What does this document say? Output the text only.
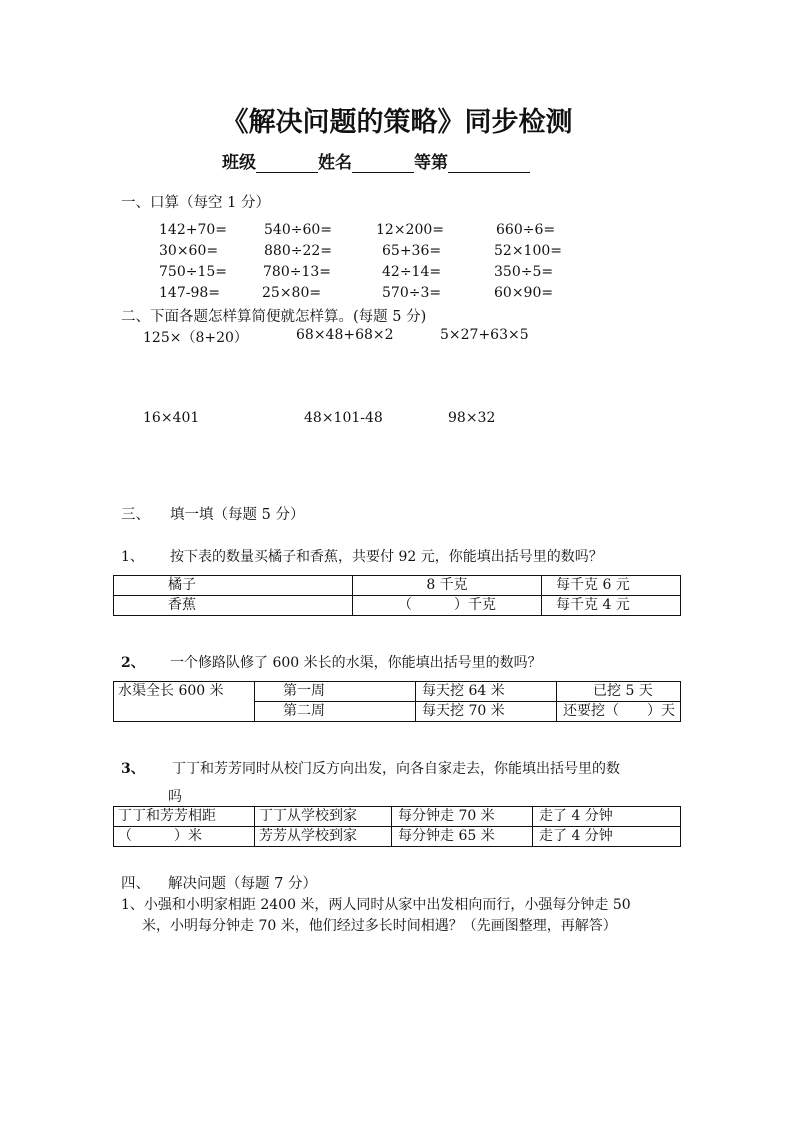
《解决问题的策略》同步检测
班级	姓名	等第
一、口算（每空 1 分）
142+70=	540÷60=	12×200=	660÷6=
30×60=	880÷22=	65+36=	52×100=
750÷15=	780÷13=	42÷14=	350÷5=
147-98=	25×80=	570÷3=	60×90=
二、下面各题怎样算简便就怎样算。(每题 5 分)
125×（8+20）	68×48+68×2	5×27+63×5
16×401	48×101-48	98×32
三、 填一填（每题 5 分）
1、 按下表的数量买橘子和香蕉，共要付 92 元，你能填出括号里的数吗？
橘子	8 千克	每千克 6 元
香蕉	（　　　）千克	每千克 4 元
2、 一个修路队修了 600 米长的水渠，你能填出括号里的数吗？
水渠全长 600 米	第一周	每天挖 64 米	已挖 5 天
	第二周	每天挖 70 米	还要挖（　　）天
3、 丁丁和芳芳同时从校门反方向出发，向各自家走去，你能填出括号里的数
吗
丁丁和芳芳相距	丁丁从学校到家	每分钟走 70 米	走了 4 分钟
（　　　）米	芳芳从学校到家	每分钟走 65 米	走了 4 分钟
四、 解决问题（每题 7 分）
1、小强和小明家相距 2400 米，两人同时从家中出发相向而行，小强每分钟走 50
米，小明每分钟走 70 米，他们经过多长时间相遇？（先画图整理，再解答）
